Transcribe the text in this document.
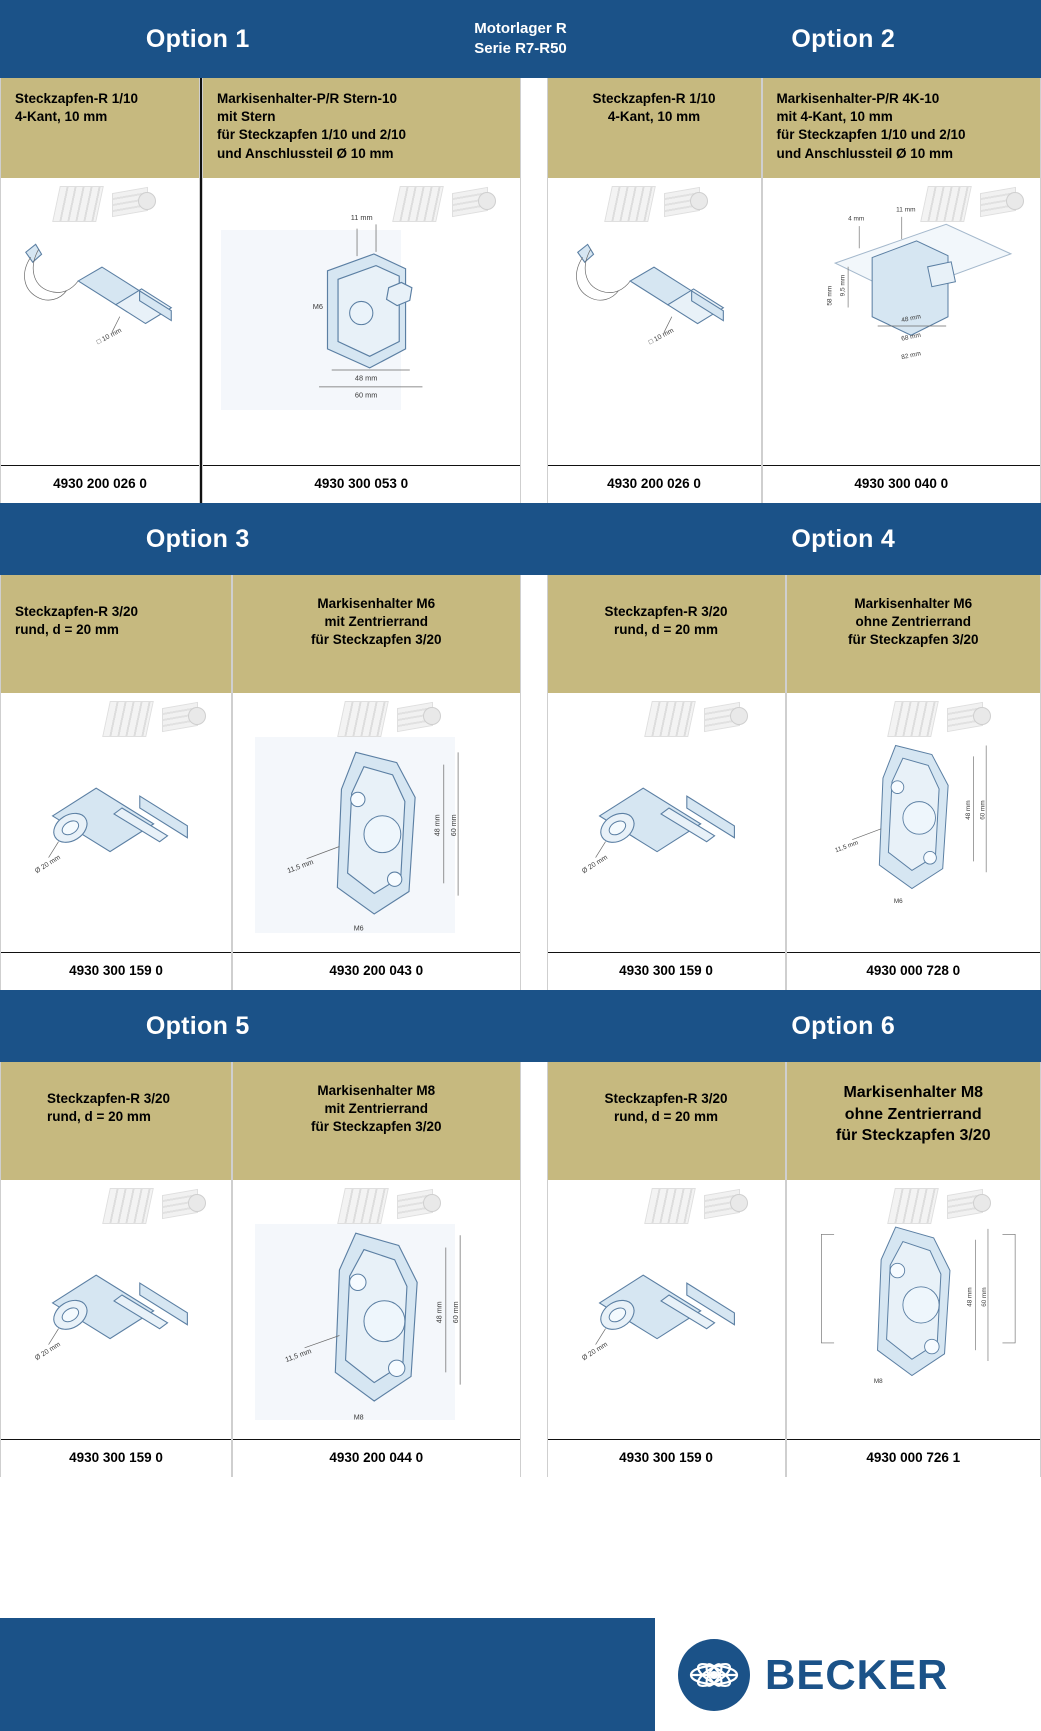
Option 1	Motorlager R
Serie R7-R50	Option 2
Steckzapfen-R 1/10
4-Kant, 10 mm
□ 10 mm
4930 200 026 0
Markisenhalter-P/R Stern-10
mit Stern
für Steckzapfen 1/10 und 2/10
und Anschlussteil Ø 10 mm
11 mm
M6
48 mm
60 mm
4930 300 053 0
Steckzapfen-R 1/10
4-Kant, 10 mm
□ 10 mm
4930 200 026 0
Markisenhalter-P/R 4K-10
mit 4-Kant, 10 mm
für Steckzapfen 1/10 und 2/10
und Anschlussteil Ø 10 mm
11 mm
4 mm
9,5 mm
58 mm
48 mm
68 mm
82 mm
4930 300 040 0
Option 3	Option 4
Steckzapfen-R 3/20
rund, d = 20 mm
Ø 20 mm
4930 300 159 0
Markisenhalter M6
mit Zentrierrand
für Steckzapfen 3/20
48 mm 60 mm
11,5 mm
M6
4930 200 043 0
Steckzapfen-R 3/20
rund, d = 20 mm
Ø 20 mm
4930 300 159 0
Markisenhalter M6
ohne Zentrierrand
für Steckzapfen 3/20
48 mm 60 mm
11,5 mm
M6
4930 000 728 0
Option 5	Option 6
Steckzapfen-R 3/20
rund, d = 20 mm
Ø 20 mm
4930 300 159 0
Markisenhalter M8
mit Zentrierrand
für Steckzapfen 3/20
48 mm 60 mm
11,5 mm
M8
4930 200 044 0
Steckzapfen-R 3/20
rund, d = 20 mm
Ø 20 mm
4930 300 159 0
Markisenhalter M8
ohne Zentrierrand
für Steckzapfen 3/20
48 mm 60 mm
M8
4930 000 726 1
BECKER
